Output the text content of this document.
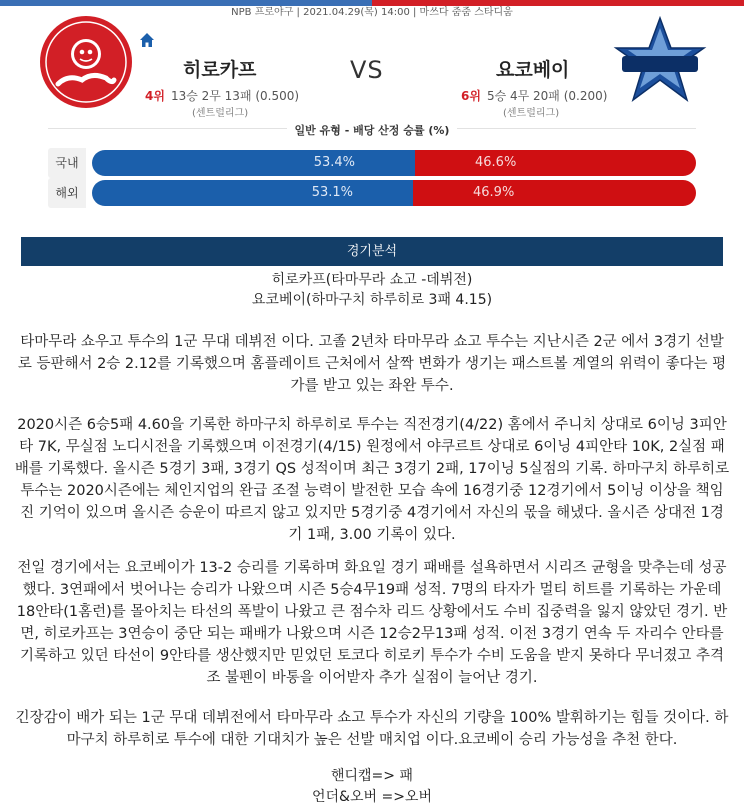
NPB 프로야구 | 2021.04.29(목) 14:00 | 마쓰다 줌줌 스타디움
히로카프	VS	요코베이
4위 13승 2무 13패 (0.500)	6위 5승 4무 20패 (0.200)
(센트럴리그)	(센트럴리그)
일반 유형 - 배당 산정 승률 (%)
국내	53.4%	46.6%
해외	53.1%	46.9%
경기분석
히로카프(타마무라 쇼고 -데뷔전)
요코베이(하마구치 하루히로 3패 4.15)
타마무라 쇼우고 투수의 1군 무대 데뷔전 이다. 고졸 2년차 타마무라 쇼고 투수는 지난시즌 2군 에서 3경기 선발로 등판해서 2승 2.12를 기록했으며 홈플레이트 근처에서 살짝 변화가 생기는 패스트볼 계열의 위력이 좋다는 평가를 받고 있는 좌완 투수.
2020시즌 6승5패 4.60을 기록한 하마구치 하루히로 투수는 직전경기(4/22) 홈에서 주니치 상대로 6이닝 3피안타 7K, 무실점 노디시전을 기록했으며 이전경기(4/15) 원정에서 야쿠르트 상대로 6이닝 4피안타 10K, 2실점 패배를 기록했다. 올시즌 5경기 3패, 3경기 QS 성적이며 최근 3경기 2패, 17이닝 5실점의 기록. 하마구치 하루히로 투수는 2020시즌에는 체인지업의 완급 조절 능력이 발전한 모습 속에 16경기중 12경기에서 5이닝 이상을 책임진 기억이 있으며 올시즌 승운이 따르지 않고 있지만 5경기중 4경기에서 자신의 몫을 해냈다. 올시즌 상대전 1경기 1패, 3.00 기록이 있다.
전일 경기에서는 요코베이가 13-2 승리를 기록하며 화요일 경기 패배를 설욕하면서 시리즈 균형을 맞추는데 성공했다. 3연패에서 벗어나는 승리가 나왔으며 시즌 5승4무19패 성적. 7명의 타자가 멀티 히트를 기록하는 가운데 18안타(1홈런)를 몰아치는 타선의 폭발이 나왔고 큰 점수차 리드 상황에서도 수비 집중력을 잃지 않았던 경기. 반면, 히로카프는 3연승이 중단 되는 패배가 나왔으며 시즌 12승2무13패 성적. 이전 3경기 연속 두 자리수 안타를 기록하고 있던 타선이 9안타를 생산했지만 믿었던 토코다 히로키 투수가 수비 도움을 받지 못하다 무너졌고 추격조 불펜이 바통을 이어받자 추가 실점이 늘어난 경기.
긴장감이 배가 되는 1군 무대 데뷔전에서 타마무라 쇼고 투수가 자신의 기량을 100% 발휘하기는 힘들 것이다. 하마구치 하루히로 투수에 대한 기대치가 높은 선발 매치업 이다.요코베이 승리 가능성을 추천 한다.
핸디캡=> 패
언더&오버 =>오버
